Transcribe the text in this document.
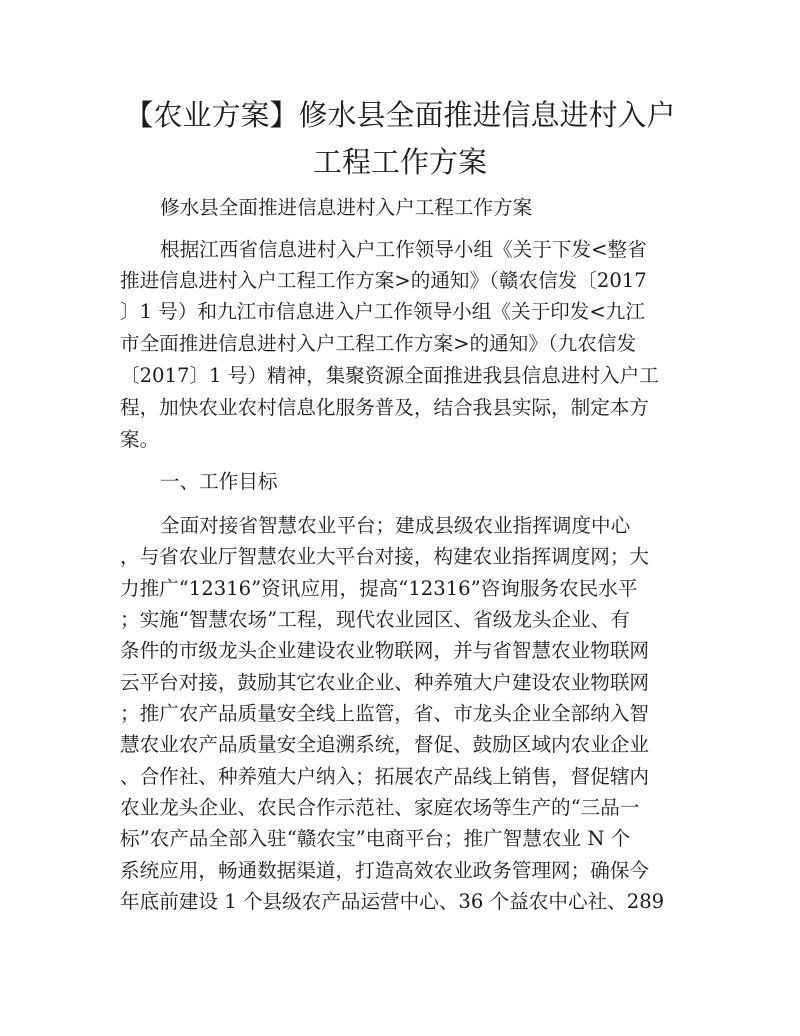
【农业方案】修水县全面推进信息进村入户
工程工作方案

修水县全面推进信息进村入户工程工作方案

根据江西省信息进村入户工作领导小组《关于下发<整省

推进信息进村入户工程工作方案>的通知》（赣农信发〔2017

〕1 号）和九江市信息进入户工作领导小组《关于印发<九江

市全面推进信息进村入户工程工作方案>的通知》（九农信发

〔2017〕1 号）精神，集聚资源全面推进我县信息进村入户工

程，加快农业农村信息化服务普及，结合我县实际，制定本方

案。

一、工作目标

全面对接省智慧农业平台；建成县级农业指挥调度中心

，与省农业厅智慧农业大平台对接，构建农业指挥调度网；大

力推广“12316”资讯应用，提高“12316”咨询服务农民水平

；实施“智慧农场”工程，现代农业园区、省级龙头企业、有

条件的市级龙头企业建设农业物联网，并与省智慧农业物联网

云平台对接，鼓励其它农业企业、种养殖大户建设农业物联网

；推广农产品质量安全线上监管，省、市龙头企业全部纳入智

慧农业农产品质量安全追溯系统，督促、鼓励区域内农业企业

、合作社、种养殖大户纳入；拓展农产品线上销售，督促辖内

农业龙头企业、农民合作示范社、家庭农场等生产的“三品一

标”农产品全部入驻“赣农宝”电商平台；推广智慧农业 N 个

系统应用，畅通数据渠道，打造高效农业政务管理网；确保今

年底前建设 1 个县级农产品运营中心、36 个益农中心社、289
